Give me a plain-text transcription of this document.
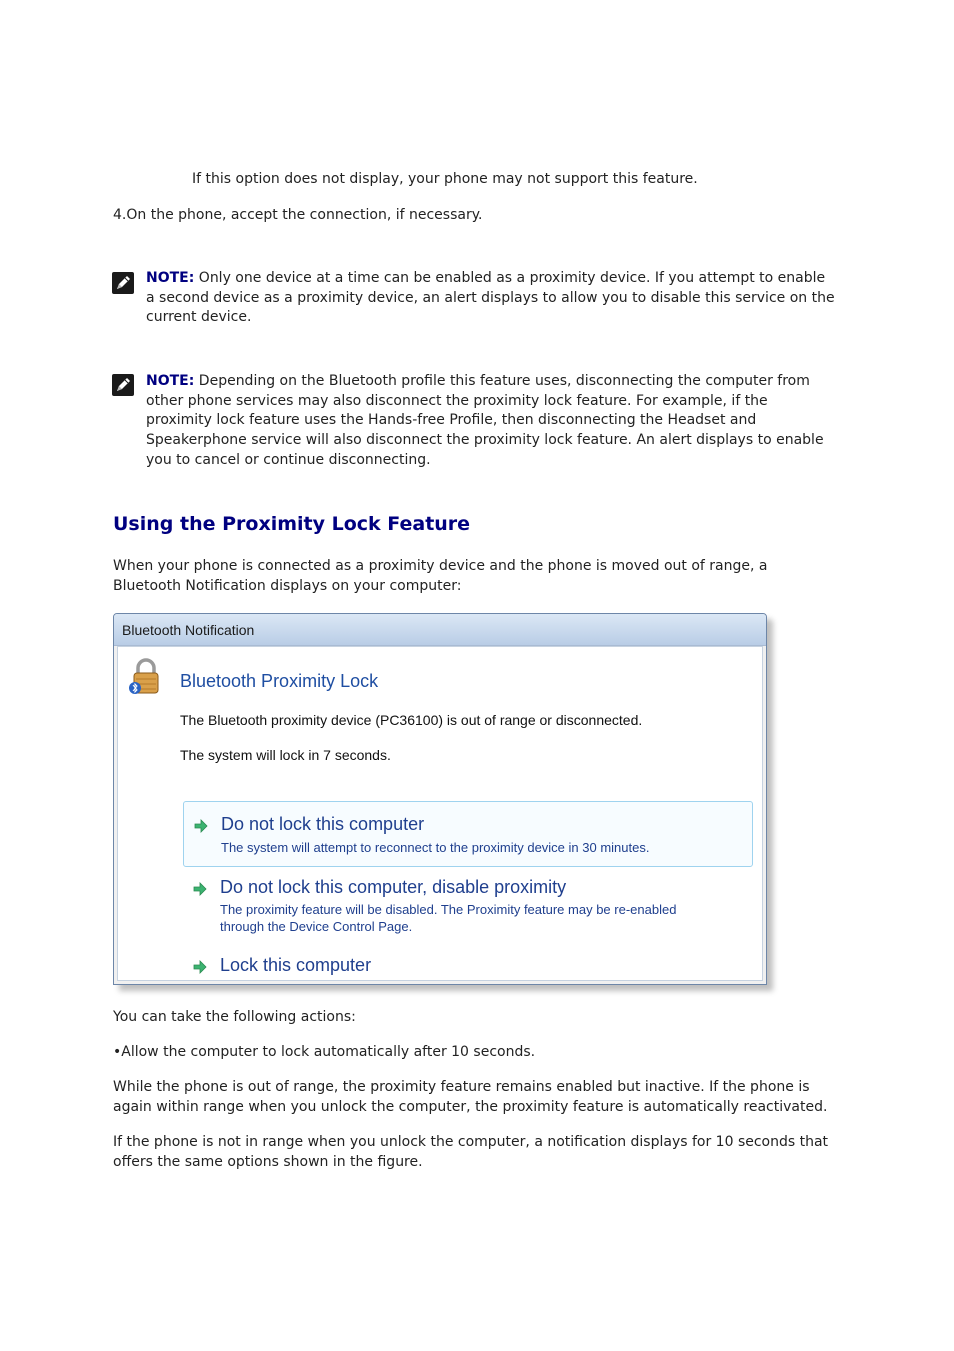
If this option does not display, your phone may not support this feature.

4.On the phone, accept the connection, if necessary.

NOTE: Only one device at a time can be enabled as a proximity device. If you attempt to enable

a second device as a proximity device, an alert displays to allow you to disable this service on the

current device.

NOTE: Depending on the Bluetooth profile this feature uses, disconnecting the computer from

other phone services may also disconnect the proximity lock feature. For example, if the

proximity lock feature uses the Hands-free Profile, then disconnecting the Headset and

Speakerphone service will also disconnect the proximity lock feature. An alert displays to enable

you to cancel or continue disconnecting.

Using the Proximity Lock Feature

When your phone is connected as a proximity device and the phone is moved out of range, a

Bluetooth Notification displays on your computer:

Bluetooth Notification
Bluetooth Proximity Lock
The Bluetooth proximity device (PC36100) is out of range or disconnected.
The system will lock in 7 seconds.
Do not lock this computer
The system will attempt to reconnect to the proximity device in 30 minutes.
Do not lock this computer, disable proximity
The proximity feature will be disabled. The Proximity feature may be re-enabled
through the Device Control Page.
Lock this computer

You can take the following actions:

•Allow the computer to lock automatically after 10 seconds.

While the phone is out of range, the proximity feature remains enabled but inactive. If the phone is

again within range when you unlock the computer, the proximity feature is automatically reactivated.

If the phone is not in range when you unlock the computer, a notification displays for 10 seconds that

offers the same options shown in the figure.
